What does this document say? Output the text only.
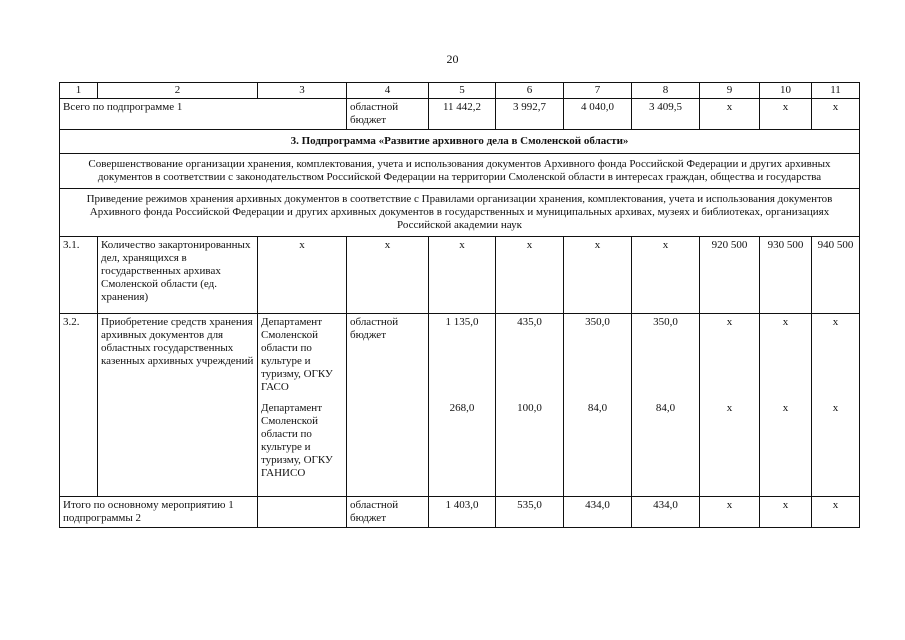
20
1	2	3	4	5	6	7	8	9	10	11
Всего по подпрограмме 1			областной бюджет	11 442,2	3 992,7	4 040,0	3 409,5	х	х	х
3. Подпрограмма «Развитие архивного дела в Смоленской области»										
Совершенствование организации хранения, комплектования, учета и использования документов Архивного фонда Российской Федерации и других архивных документов в соответствии с законодательством Российской Федерации на территории Смоленской области в интересах граждан, общества и государства										
Приведение режимов хранения архивных документов в соответствие с Правилами организации хранения, комплектования, учета и использования документов Архивного фонда Российской Федерации и других архивных документов в государственных и муниципальных архивах, музеях и библиотеках, организациях Российской академии наук										
3.1.	Количество закартонированных дел, хранящихся в государственных архивах Смоленской области (ед. хранения)	х	х	х	х	х	х	920 500	930 500	940 500
3.2.	Приобретение средств хранения архивных документов для областных государственных казенных архивных учреждений	Департамент Смоленской области по культуре и туризму, ОГКУ ГАСО	областной бюджет	1 135,0	435,0	350,0	350,0	х	х	х
		Департамент Смоленской области по культуре и туризму, ОГКУ ГАНИСО		268,0	100,0	84,0	84,0	х	х	х
Итого по основному мероприятию 1 подпрограммы 2			областной бюджет	1 403,0	535,0	434,0	434,0	х	х	х
